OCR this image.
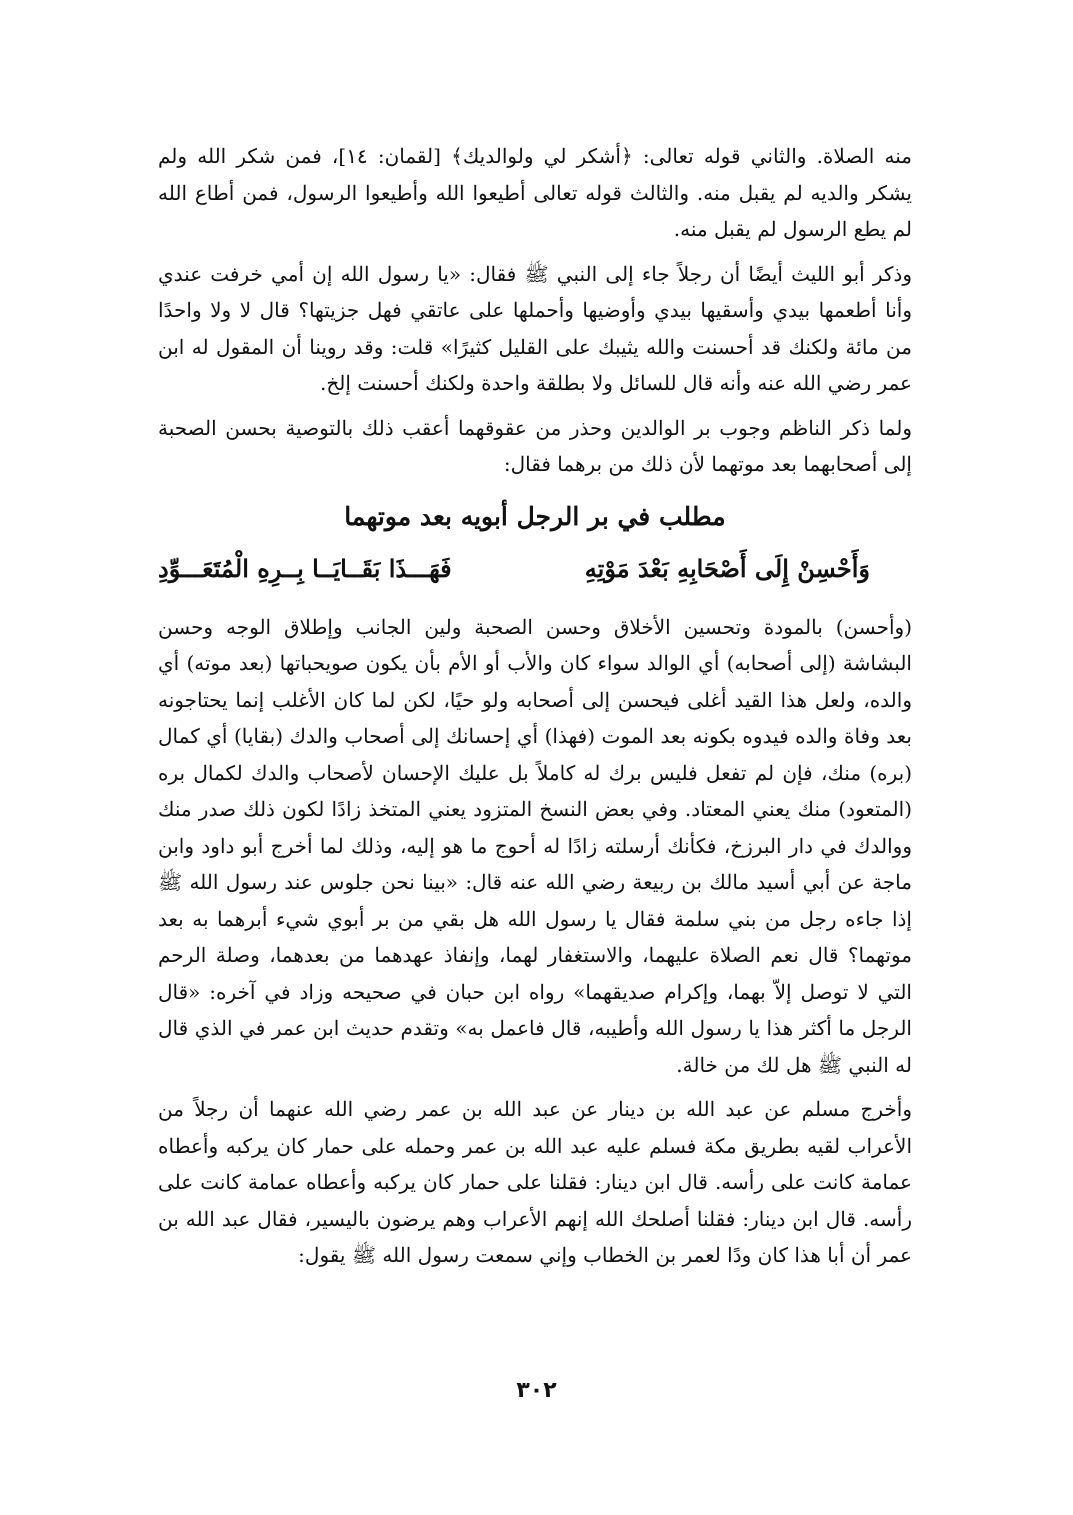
منه الصلاة. والثاني قوله تعالى: ﴿أشكر لي ولوالديك﴾ [لقمان: ١٤]، فمن شكر الله ولم يشكر والديه لم يقبل منه. والثالث قوله تعالى أطيعوا الله وأطيعوا الرسول، فمن أطاع الله لم يطع الرسول لم يقبل منه.

وذكر أبو الليث أيضًا أن رجلاً جاء إلى النبي ﷺ فقال: «يا رسول الله إن أمي خرفت عندي وأنا أطعمها بيدي وأسقيها بيدي وأوضيها وأحملها على عاتقي فهل جزيتها؟ قال لا ولا واحدًا من مائة ولكنك قد أحسنت والله يثيبك على القليل كثيرًا» قلت: وقد روينا أن المقول له ابن عمر رضي الله عنه وأنه قال للسائل ولا بطلقة واحدة ولكنك أحسنت إلخ.

ولما ذكر الناظم وجوب بر الوالدين وحذر من عقوقهما أعقب ذلك بالتوصية بحسن الصحبة إلى أصحابهما بعد موتهما لأن ذلك من برهما فقال:

مطلب في بر الرجل أبويه بعد موتهما
وَأَحْسِنْ إِلَى أَصْحَابِهِ بَعْدَ مَوْتِهِ
فَهَـــذَا بَقَــايَــا بِــرِهِ الْمُتَعَـــوِّدِ

(وأحسن) بالمودة وتحسين الأخلاق وحسن الصحبة ولين الجانب وإطلاق الوجه وحسن البشاشة (إلى أصحابه) أي الوالد سواء كان والأب أو الأم بأن يكون صويحباتها (بعد موته) أي والده، ولعل هذا القيد أغلى فيحسن إلى أصحابه ولو حيًا، لكن لما كان الأغلب إنما يحتاجونه بعد وفاة والده فيدوه بكونه بعد الموت (فهذا) أي إحسانك إلى أصحاب والدك (بقايا) أي كمال (بره) منك، فإن لم تفعل فليس برك له كاملاً بل عليك الإحسان لأصحاب والدك لكمال بره (المتعود) منك يعني المعتاد. وفي بعض النسخ المتزود يعني المتخذ زادًا لكون ذلك صدر منك ووالدك في دار البرزخ، فكأنك أرسلته زادًا له أحوج ما هو إليه، وذلك لما أخرج أبو داود وابن ماجة عن أبي أسيد مالك بن ربيعة رضي الله عنه قال: «بينا نحن جلوس عند رسول الله ﷺ إذا جاءه رجل من بني سلمة فقال يا رسول الله هل بقي من بر أبوي شيء أبرهما به بعد موتهما؟ قال نعم الصلاة عليهما، والاستغفار لهما، وإنفاذ عهدهما من بعدهما، وصلة الرحم التي لا توصل إلاّ بهما، وإكرام صديقهما» رواه ابن حبان في صحيحه وزاد في آخره: «قال الرجل ما أكثر هذا يا رسول الله وأطيبه، قال فاعمل به» وتقدم حديث ابن عمر في الذي قال له النبي ﷺ هل لك من خالة.

وأخرج مسلم عن عبد الله بن دينار عن عبد الله بن عمر رضي الله عنهما أن رجلاً من الأعراب لقيه بطريق مكة فسلم عليه عبد الله بن عمر وحمله على حمار كان يركبه وأعطاه عمامة كانت على رأسه. قال ابن دينار: فقلنا على حمار كان يركبه وأعطاه عمامة كانت على رأسه. قال ابن دينار: فقلنا أصلحك الله إنهم الأعراب وهم يرضون باليسير، فقال عبد الله بن عمر أن أبا هذا كان ودًا لعمر بن الخطاب وإني سمعت رسول الله ﷺ يقول:

٣٠٢
